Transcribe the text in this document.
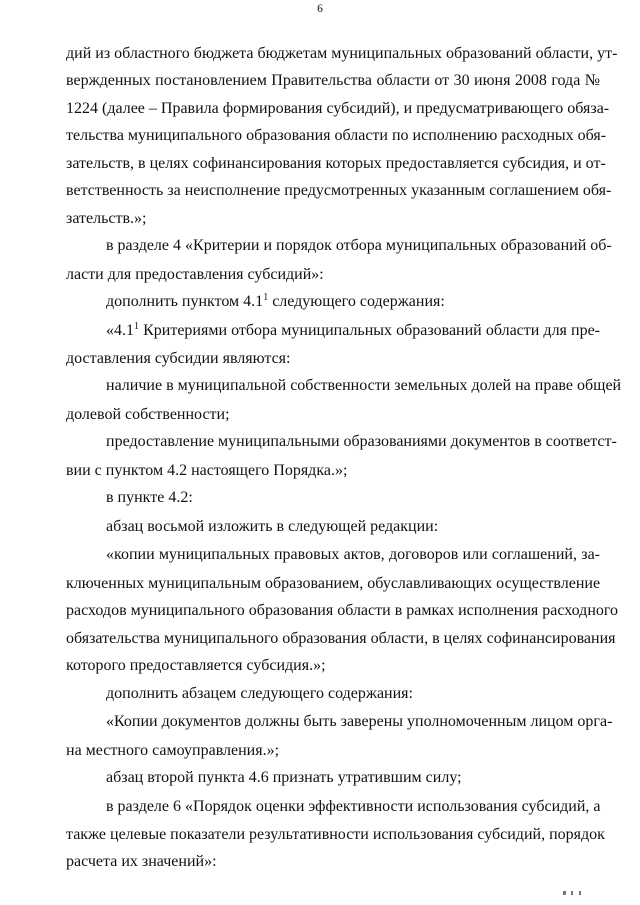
6
дий из областного бюджета бюджетам муниципальных образований области, ут-
вержденных постановлением Правительства области от 30 июня 2008 года №
1224 (далее – Правила формирования субсидий), и предусматривающего обяза-
тельства муниципального образования области по исполнению расходных обя-
зательств, в целях софинансирования которых предоставляется субсидия, и от-
ветственность за неисполнение предусмотренных указанным соглашением обя-
зательств.»;
в разделе 4 «Критерии и порядок отбора муниципальных образований об-
ласти для предоставления субсидий»:
дополнить пунктом $4.1^1$ следующего содержания:
«$4.1^1$ Критериями отбора муниципальных образований области для пре-
доставления субсидии являются:
наличие в муниципальной собственности земельных долей на праве общей
долевой собственности;
предоставление муниципальными образованиями документов в соответст-
вии с пунктом 4.2 настоящего Порядка.»;
в пункте 4.2:
абзац восьмой изложить в следующей редакции:
«копии муниципальных правовых актов, договоров или соглашений, за-
ключенных муниципальным образованием, обуславливающих осуществление
расходов муниципального образования области в рамках исполнения расходного
обязательства муниципального образования области, в целях софинансирования
которого предоставляется субсидия.»;
дополнить абзацем следующего содержания:
«Копии документов должны быть заверены уполномоченным лицом орга-
на местного самоуправления.»;
абзац второй пункта 4.6 признать утратившим силу;
в разделе 6 «Порядок оценки эффективности использования субсидий, а
также целевые показатели результативности использования субсидий, порядок
расчета их значений»:
